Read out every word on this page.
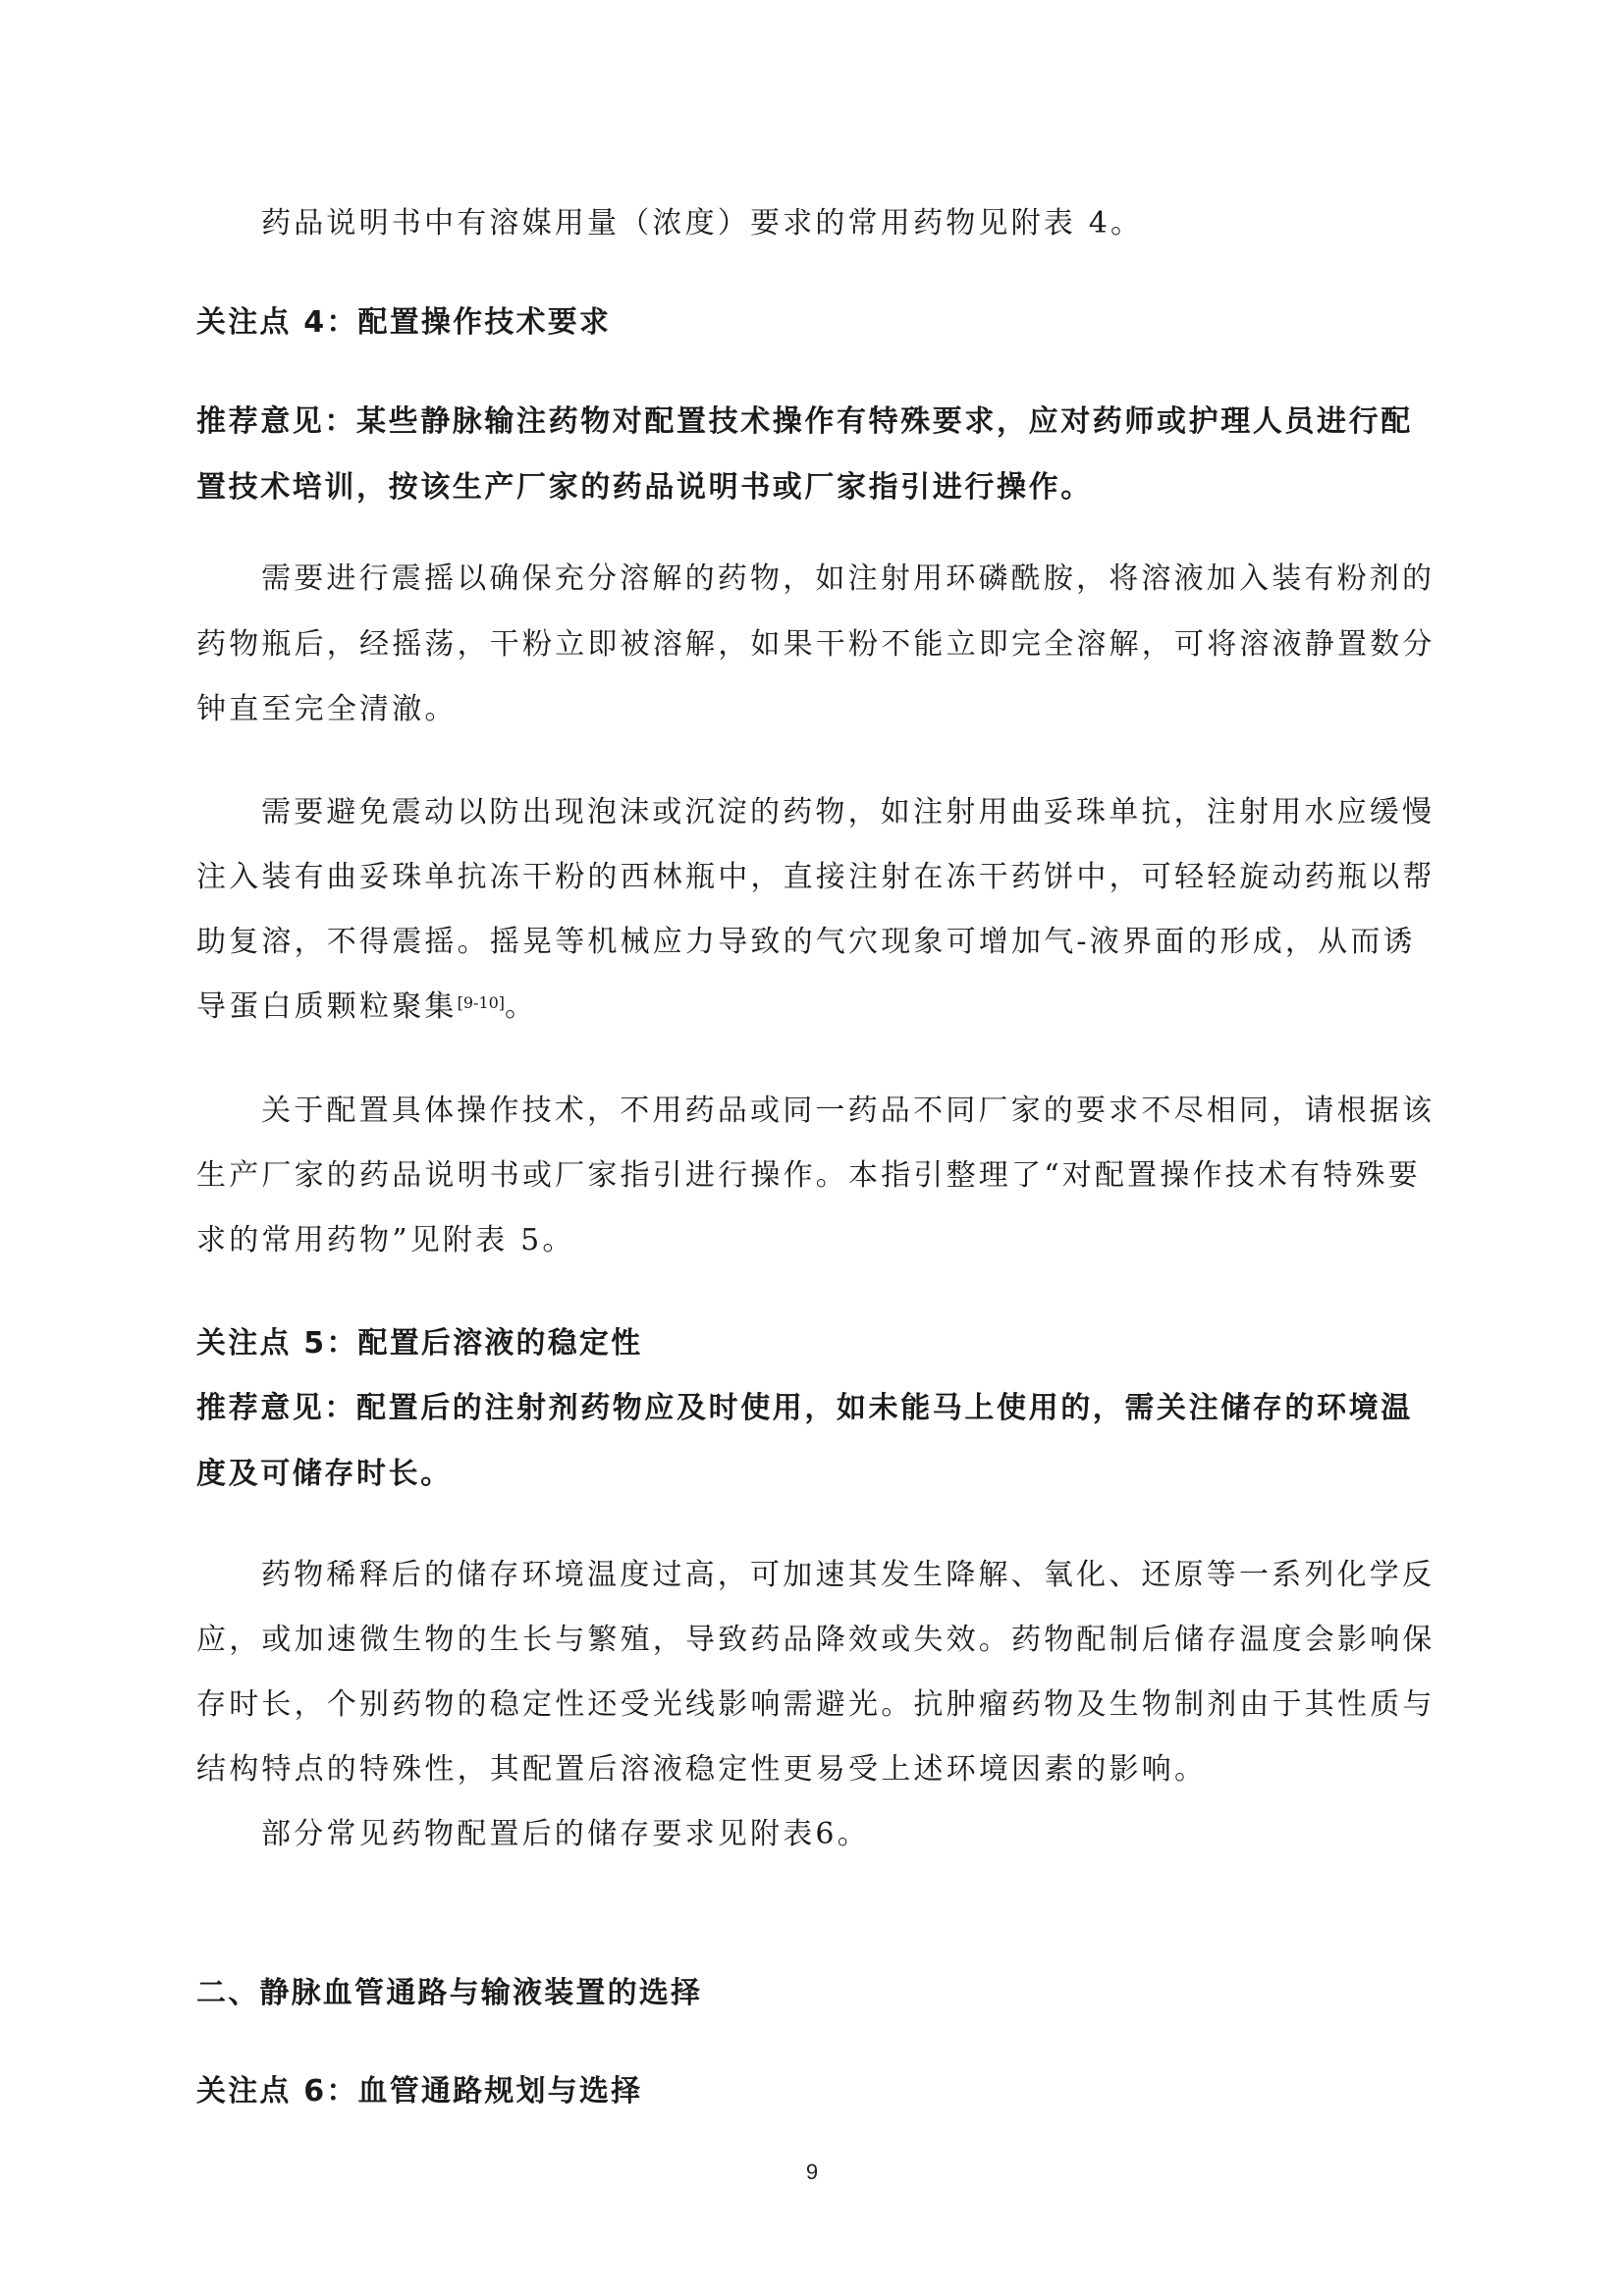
药品说明书中有溶媒用量（浓度）要求的常用药物见附表 4。
关注点 4：配置操作技术要求
推荐意见：某些静脉输注药物对配置技术操作有特殊要求，应对药师或护理人员进行配
置技术培训，按该生产厂家的药品说明书或厂家指引进行操作。
需要进行震摇以确保充分溶解的药物，如注射用环磷酰胺，将溶液加入装有粉剂的
药物瓶后，经摇荡，干粉立即被溶解，如果干粉不能立即完全溶解，可将溶液静置数分
钟直至完全清澈。
需要避免震动以防出现泡沫或沉淀的药物，如注射用曲妥珠单抗，注射用水应缓慢
注入装有曲妥珠单抗冻干粉的西林瓶中，直接注射在冻干药饼中，可轻轻旋动药瓶以帮
助复溶，不得震摇。摇晃等机械应力导致的气穴现象可增加气-液界面的形成，从而诱
导蛋白质颗粒聚集[9-10]。
关于配置具体操作技术，不用药品或同一药品不同厂家的要求不尽相同，请根据该
生产厂家的药品说明书或厂家指引进行操作。本指引整理了“对配置操作技术有特殊要
求的常用药物”见附表 5。
关注点 5：配置后溶液的稳定性
推荐意见：配置后的注射剂药物应及时使用，如未能马上使用的，需关注储存的环境温
度及可储存时长。
药物稀释后的储存环境温度过高，可加速其发生降解、氧化、还原等一系列化学反
应，或加速微生物的生长与繁殖，导致药品降效或失效。药物配制后储存温度会影响保
存时长，个别药物的稳定性还受光线影响需避光。抗肿瘤药物及生物制剂由于其性质与
结构特点的特殊性，其配置后溶液稳定性更易受上述环境因素的影响。
部分常见药物配置后的储存要求见附表6。
二、静脉血管通路与输液装置的选择
关注点 6：血管通路规划与选择
9
